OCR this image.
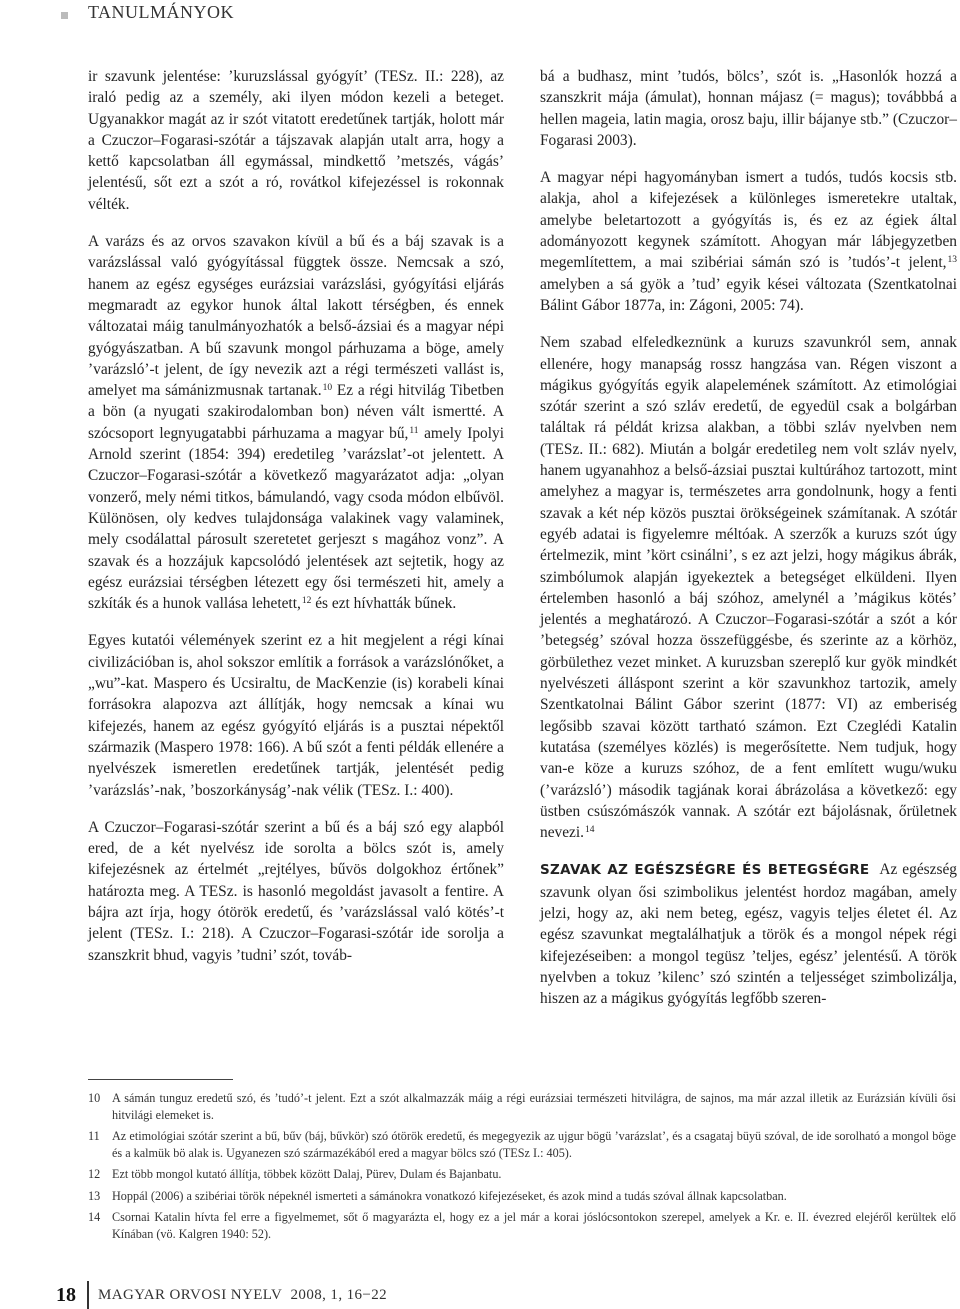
TANULMÁNYOK

ir szavunk jelentése: ’kuruzslással gyógyít’ (TESz. II.: 228), az iraló pedig az a személy, aki ilyen módon kezeli a beteget. Ugyanakkor magát az ir szót vitatott eredetűnek tartják, holott már a Czuczor–Fogarasi-szótár a tájszavak alapján utalt arra, hogy a kettő kapcsolatban áll egymással, mindkettő ’metszés, vágás’ jelentésű, sőt ezt a szót a ró, rovátkol kifejezéssel is rokonnak vélték.

A varázs és az orvos szavakon kívül a bű és a báj szavak is a varázslással való gyógyítással függtek össze. Nemcsak a szó, hanem az egész egységes eurázsiai varázslási, gyógyítási eljárás megmaradt az egykor hunok által lakott térségben, és ennek változatai máig tanulmányozhatók a belső-ázsiai és a magyar népi gyógyászatban. A bű szavunk mongol párhuzama a böge, amely ’varázsló’-t jelent, de így nevezik azt a régi természeti vallást is, amelyet ma sámánizmusnak tartanak.$^{10}$ Ez a régi hitvilág Tibetben a bön (a nyugati szakirodalomban bon) néven vált ismertté. A szócsoport legnyugatabbi párhuzama a magyar bű,$^{11}$ amely Ipolyi Arnold szerint (1854: 394) eredetileg ’varázslat’-ot jelentett. A Czuczor–Fogarasi-szótár a következő magyarázatot adja: „olyan vonzerő, mely némi titkos, bámulandó, vagy csoda módon elbűvöl. Különösen, oly kedves tulajdonsága valakinek vagy valaminek, mely csodálattal párosult szeretetet gerjeszt s magához vonz”. A szavak és a hozzájuk kapcsolódó jelentések azt sejtetik, hogy az egész eurázsiai térségben létezett egy ősi természeti hit, amely a szkíták és a hunok vallása lehetett,$^{12}$ és ezt hívhatták bűnek.

Egyes kutatói vélemények szerint ez a hit megjelent a régi kínai civilizációban is, ahol sokszor említik a források a varázslónőket, a „wu”-kat. Maspero és Ucsiraltu, de MacKenzie (is) korabeli kínai forrásokra alapozva azt állítják, hogy nemcsak a kínai wu kifejezés, hanem az egész gyógyító eljárás is a pusztai népektől származik (Maspero 1978: 166). A bű szót a fenti példák ellenére a nyelvészek ismeretlen eredetűnek tartják, jelentését pedig ’varázslás’-nak, ’boszorkányság’-nak vélik (TESz. I.: 400).

A Czuczor–Fogarasi-szótár szerint a bű és a báj szó egy alapból ered, de a két nyelvész ide sorolta a bölcs szót is, amely kifejezésnek az értelmét „rejtélyes, bűvös dolgokhoz értőnek” határozta meg. A TESz. is hasonló megoldást javasolt a fentire. A bájra azt írja, hogy ótörök eredetű, és ’varázslással való kötés’-t jelent (TESz. I.: 218). A Czuczor–Fogarasi-szótár ide sorolja a szanszkrit bhud, vagyis ’tudni’ szót, továb-

bá a budhasz, mint ’tudós, bölcs’, szót is. „Hasonlók hozzá a szanszkrit mája (ámulat), honnan májasz (= magus); továbbbá a hellen mageia, latin magia, orosz baju, illir bájanye stb.” (Czuczor–Fogarasi 2003).

A magyar népi hagyományban ismert a tudós, tudós kocsis stb. alakja, ahol a kifejezések a különleges ismeretekre utaltak, amelybe beletartozott a gyógyítás is, és ez az égiek által adományozott kegynek számított. Ahogyan már lábjegyzetben megemlítettem, a mai szibériai sámán szó is ’tudós’-t jelent,$^{13}$ amelyben a sá gyök a ’tud’ egyik kései változata (Szentkatolnai Bálint Gábor 1877a, in: Zágoni, 2005: 74).

Nem szabad elfeledkeznünk a kuruzs szavunkról sem, annak ellenére, hogy manapság rossz hangzása van. Régen viszont a mágikus gyógyítás egyik alapelemének számított. Az etimológiai szótár szerint a szó szláv eredetű, de egyedül csak a bolgárban találtak rá példát krizsa alakban, a többi szláv nyelvben nem (TESz. II.: 682). Miután a bolgár eredetileg nem volt szláv nyelv, hanem ugyanahhoz a belső-ázsiai pusztai kultúrához tartozott, mint amelyhez a magyar is, természetes arra gondolnunk, hogy a fenti szavak a két nép közös pusztai örökségeinek számítanak. A szótár egyéb adatai is figyelemre méltóak. A szerzők a kuruzs szót úgy értelmezik, mint ’kört csinálni’, s ez azt jelzi, hogy mágikus ábrák, szimbólumok alapján igyekeztek a betegséget elküldeni. Ilyen értelemben hasonló a báj szóhoz, amelynél a ’mágikus kötés’ jelentés a meghatározó. A Czuczor–Fogarasi-szótár a szót a kór ’betegség’ szóval hozza összefüggésbe, és szerinte az a körhöz, görbülethez vezet minket. A kuruzsban szereplő kur gyök mindkét nyelvészeti álláspont szerint a kör szavunkhoz tartozik, amely Szentkatolnai Bálint Gábor szerint (1877: VI) az emberiség legősibb szavai között tartható számon. Ezt Czeglédi Katalin kutatása (személyes közlés) is megerősítette. Nem tudjuk, hogy van-e köze a kuruzs szóhoz, de a fent említett wugu/wuku (’varázsló’) második tagjának korai ábrázolása a következő: egy üstben csúszómászók vannak. A szótár ezt bájolásnak, őrületnek nevezi.$^{14}$

SZAVAK AZ EGÉSZSÉGRE ÉS BETEGSÉGRE Az egészség szavunk olyan ősi szimbolikus jelentést hordoz magában, amely jelzi, hogy az, aki nem beteg, egész, vagyis teljes életet él. Az egész szavunkat megtalálhatjuk a török és a mongol népek régi kifejezéseiben: a mongol tegüsz ’teljes, egész’ jelentésű. A török nyelvben a tokuz ’kilenc’ szó szintén a teljességet szimbolizálja, hiszen az a mágikus gyógyítás legfőbb szeren-

10 A sámán tunguz eredetű szó, és ’tudó’-t jelent. Ezt a szót alkalmazzák máig a régi eurázsiai természeti hitvilágra, de sajnos, ma már azzal illetik az Eurázsián kívüli ősi hitvilági elemeket is.
11	Az etimológiai szótár szerint a bű, bűv (báj, bűvkör) szó ótörök eredetű, és megegyezik az ujgur bögü ’varázslat’, és a csagataj büyü szóval, de ide sorolható a mongol böge és a kalmük bö alak is. Ugyanezen szó származékából ered a magyar bölcs szó (TESz I.: 405).
12 Ezt több mongol kutató állítja, többek között Dalaj, Pürev, Dulam és Bajanbatu.
13 Hoppál (2006) a szibériai török népeknél ismerteti a sámánokra vonatkozó kifejezéseket, és azok mind a tudás szóval állnak kapcsolatban.
14 Csornai Katalin hívta fel erre a figyelmemet, sőt ő magyarázta el, hogy ez a jel már a korai jóslócsontokon szerepel, amelyek a Kr. e. II. évezred elejéről kerültek elő Kínában (vö. Kalgren 1940: 52).
18 MAGYAR ORVOSI NYELV 2008, 1, 16−22
